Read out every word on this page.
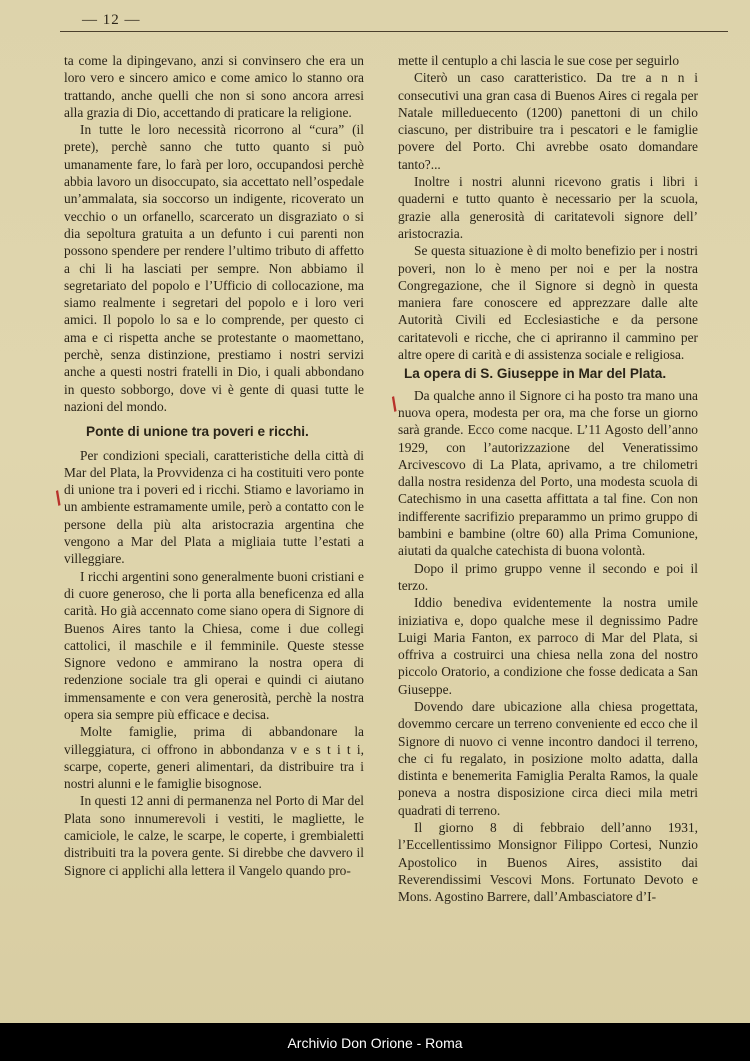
— 12 —

ta come la dipingevano, anzi si convinsero che era un loro vero e sincero amico e come amico lo stanno ora trattando, anche quelli che non si sono ancora arresi alla grazia di Dio, accettando di praticare la religione.

In tutte le loro necessità ricorrono al “cura” (il prete), perchè sanno che tutto quanto si può umanamente fare, lo farà per loro, occupandosi perchè abbia lavoro un disoccupato, sia accettato nell’ospedale un’ammalata, sia soccorso un indigente, ricoverato un vecchio o un orfanello, scarcerato un disgraziato o si dia sepoltura gratuita a un defunto i cui parenti non possono spendere per rendere l’ultimo tributo di affetto a chi li ha lasciati per sempre. Non abbiamo il segretariato del popolo e l’Ufficio di collocazione, ma siamo realmente i segretari del popolo e i loro veri amici. Il popolo lo sa e lo comprende, per questo ci ama e ci rispetta anche se protestante o maomettano, perchè, senza distinzione, prestiamo i nostri servizi anche a questi nostri fratelli in Dio, i quali abbondano in questo sobborgo, dove vi è gente di quasi tutte le nazioni del mondo.

Ponte di unione tra poveri e ricchi.

Per condizioni speciali, caratteristiche della città di Mar del Plata, la Provvidenza ci ha costituiti vero ponte di unione tra i poveri ed i ricchi. Stiamo e lavoriamo in un ambiente estramamente umile, però a contatto con le persone della più alta aristocrazia argentina che vengono a Mar del Plata a migliaia tutte l’estati a villeggiare.

I ricchi argentini sono generalmente buoni cristiani e di cuore generoso, che li porta alla beneficenza ed alla carità. Ho già accennato come siano opera di Signore di Buenos Aires tanto la Chiesa, come i due collegi cattolici, il maschile e il femminile. Queste stesse Signore vedono e ammirano la nostra opera di redenzione sociale tra gli operai e quindi ci aiutano immensamente e con vera generosità, perchè la nostra opera sia sempre più efficace e decisa.

Molte famiglie, prima di abbandonare la villeggiatura, ci offrono in abbondanza v e s t i t i, scarpe, coperte, generi alimentari, da distribuire tra i nostri alunni e le famiglie bisognose.

In questi 12 anni di permanenza nel Porto di Mar del Plata sono innumerevoli i vestiti, le magliette, le camiciole, le calze, le scarpe, le coperte, i grembialetti distribuiti tra la povera gente. Si direbbe che davvero il Signore ci applichi alla lettera il Vangelo quando pro-

mette il centuplo a chi lascia le sue cose per seguirlo

Citerò un caso caratteristico. Da tre a n n i consecutivi una gran casa di Buenos Aires ci regala per Natale milleduecento (1200) panettoni di un chilo ciascuno, per distribuire tra i pescatori e le famiglie povere del Porto. Chi avrebbe osato domandare tanto?...

Inoltre i nostri alunni ricevono gratis i libri i quaderni e tutto quanto è necessario per la scuola, grazie alla generosità di caritatevoli signore dell’ aristocrazia.

Se questa situazione è di molto benefizio per i nostri poveri, non lo è meno per noi e per la nostra Congregazione, che il Signore si degnò in questa maniera fare conoscere ed apprezzare dalle alte Autorità Civili ed Ecclesiastiche e da persone caritatevoli e ricche, che ci apriranno il cammino per altre opere di carità e di assistenza sociale e religiosa.

La opera di S. Giuseppe in Mar del Plata.

Da qualche anno il Signore ci ha posto tra mano una nuova opera, modesta per ora, ma che forse un giorno sarà grande. Ecco come nacque. L’11 Agosto dell’anno 1929, con l’autorizzazione del Veneratissimo Arcivescovo di La Plata, aprivamo, a tre chilometri dalla nostra residenza del Porto, una modesta scuola di Catechismo in una casetta affittata a tal fine. Con non indifferente sacrifizio preparammo un primo gruppo di bambini e bambine (oltre 60) alla Prima Comunione, aiutati da qualche catechista di buona volontà.

Dopo il primo gruppo venne il secondo e poi il terzo.

Iddio benediva evidentemente la nostra umile iniziativa e, dopo qualche mese il degnissimo Padre Luigi Maria Fanton, ex parroco di Mar del Plata, si offriva a costruirci una chiesa nella zona del nostro piccolo Oratorio, a condizione che fosse dedicata a San Giuseppe.

Dovendo dare ubicazione alla chiesa progettata, dovemmo cercare un terreno conveniente ed ecco che il Signore di nuovo ci venne incontro dandoci il terreno, che ci fu regalato, in posizione molto adatta, dalla distinta e benemerita Famiglia Peralta Ramos, la quale poneva a nostra disposizione circa dieci mila metri quadrati di terreno.

Il giorno 8 di febbraio dell’anno 1931, l’Eccellentissimo Monsignor Filippo Cortesi, Nunzio Apostolico in Buenos Aires, assistito dai Reverendissimi Vescovi Mons. Fortunato Devoto e Mons. Agostino Barrere, dall’Ambasciatore d’I-

/
/
Archivio Don Orione - Roma
